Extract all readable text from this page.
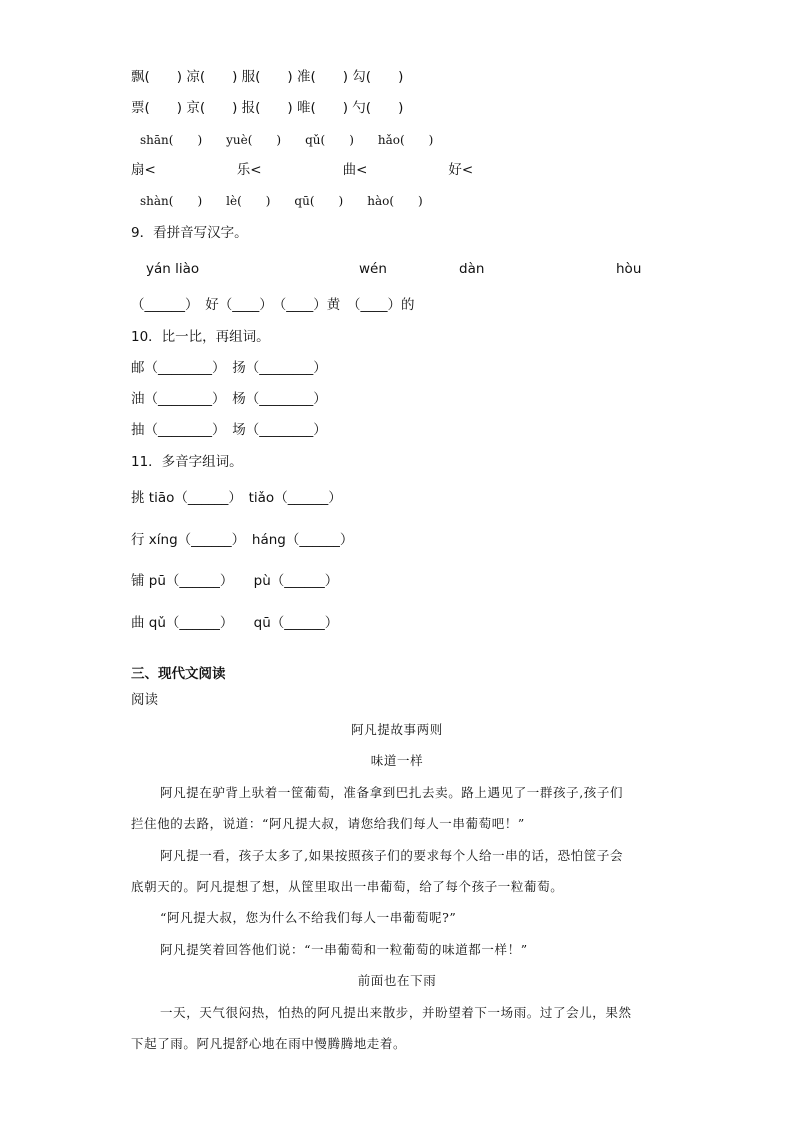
飘(　　) 凉(　　) 服(　　) 准(　　) 勾(　　)
票(　　) 京(　　) 报(　　) 唯(　　) 勺(　　)
shān(　　)　　yuè(　　)　　qǔ(　　)　　hǎo(　　)
扇<　　　　　　乐<　　　　　　曲<　　　　　　好<
shàn(　　)　　lè(　　)　　qū(　　)　　hào(　　)
9．看拼音写汉字。
yán liào	wén	dàn	hòu
（______）　好（____）　（____）黄　（____）的
10．比一比，再组词。
邮（________）　扬（________）
油（________）　杨（________）
抽（________）　场（________）
11．多音字组词。
挑 tiāo（______）　tiǎo（______）
行 xíng（______）　háng（______）
铺 pū（______）　　pù（______）
曲 qǔ（______）　　qū（______）
三、现代文阅读
阅读
阿凡提故事两则
味道一样
阿凡提在驴背上驮着一筐葡萄，准备拿到巴扎去卖。路上遇见了一群孩子,孩子们
拦住他的去路，说道：“阿凡提大叔，请您给我们每人一串葡萄吧！”
阿凡提一看，孩子太多了,如果按照孩子们的要求每个人给一串的话，恐怕筐子会
底朝天的。阿凡提想了想，从筐里取出一串葡萄，给了每个孩子一粒葡萄。
“阿凡提大叔，您为什么不给我们每人一串葡萄呢?”
阿凡提笑着回答他们说：“一串葡萄和一粒葡萄的味道都一样！”
前面也在下雨
一天，天气很闷热，怕热的阿凡提出来散步，并盼望着下一场雨。过了会儿，果然
下起了雨。阿凡提舒心地在雨中慢腾腾地走着。
